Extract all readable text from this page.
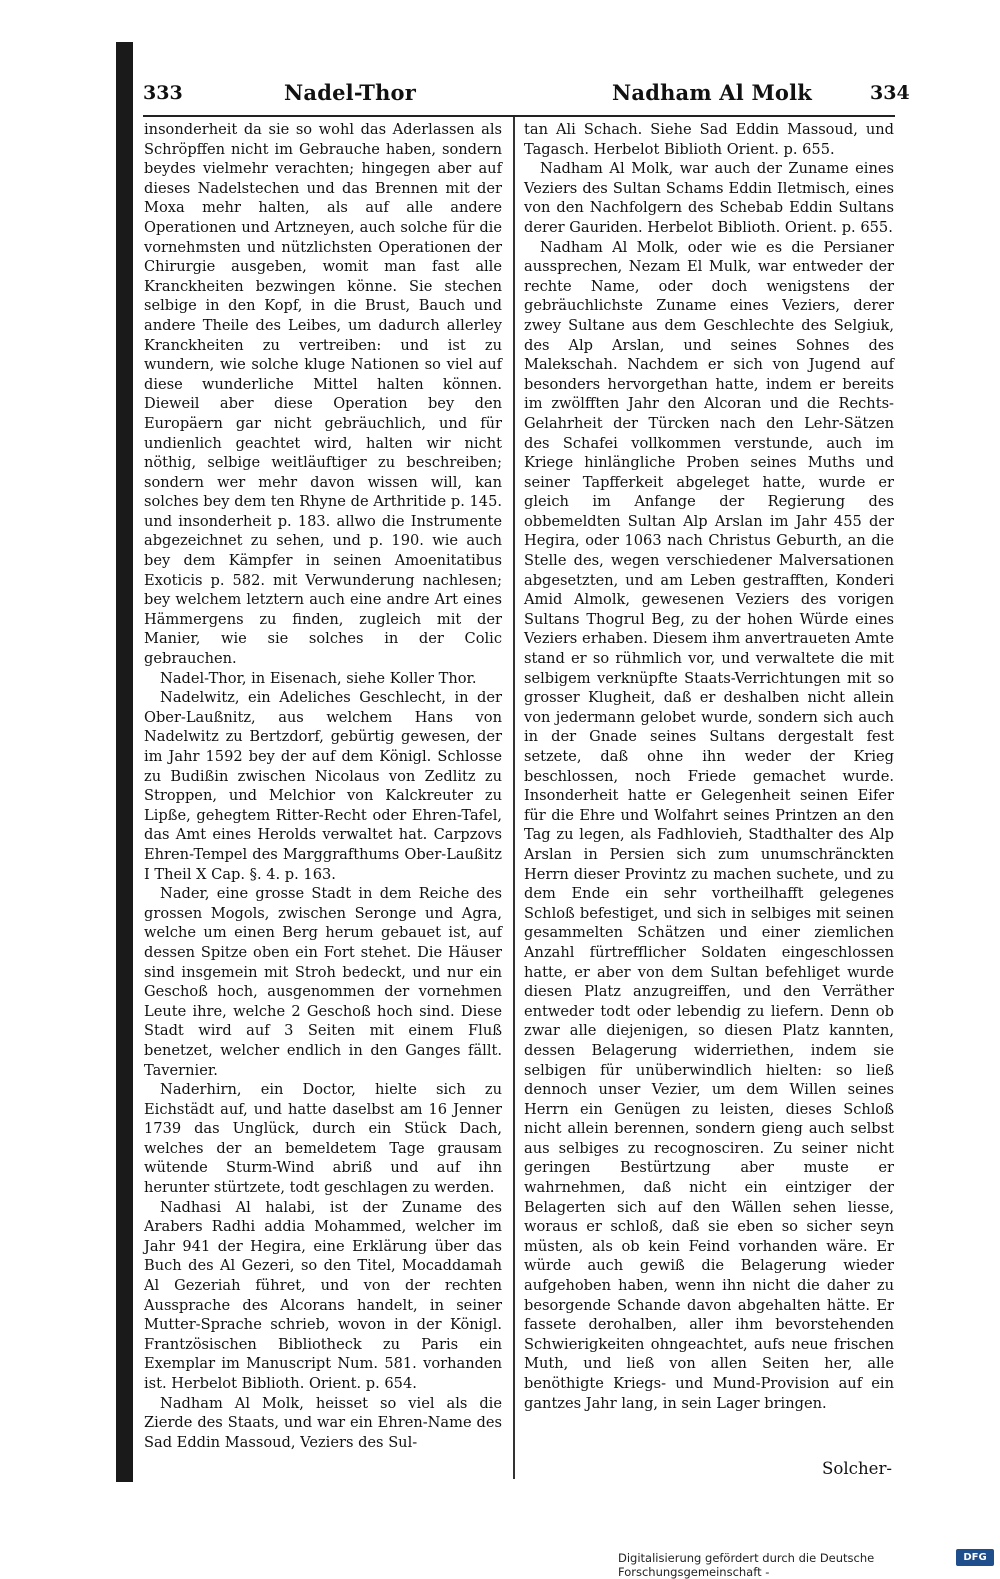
333	Nadel-Thor	Nadham Al Molk	334

insonderheit da sie so wohl das Aderlassen als Schröpffen nicht im Gebrauche haben, sondern beydes vielmehr verachten; hingegen aber auf dieses Nadelstechen und das Brennen mit der Moxa mehr halten, als auf alle andere Operationen und Artzneyen, auch solche für die vornehmsten und nützlichsten Operationen der Chirurgie ausgeben, womit man fast alle Kranckheiten bezwingen könne. Sie stechen selbige in den Kopf, in die Brust, Bauch und andere Theile des Leibes, um dadurch allerley Kranckheiten zu vertreiben: und ist zu wundern, wie solche kluge Nationen so viel auf diese wunderliche Mittel halten können. Dieweil aber diese Operation bey den Europäern gar nicht gebräuchlich, und für undienlich geachtet wird, halten wir nicht nöthig, selbige weitläuftiger zu beschreiben; sondern wer mehr davon wissen will, kan solches bey dem ten Rhyne de Arthritide p. 145. und insonderheit p. 183. allwo die Instrumente abgezeichnet zu sehen, und p. 190. wie auch bey dem Kämpfer in seinen Amoenitatibus Exoticis p. 582. mit Verwunderung nachlesen; bey welchem letztern auch eine andre Art eines Hämmergens zu finden, zugleich mit der Manier, wie sie solches in der Colic gebrauchen.

Nadel-Thor, in Eisenach, siehe Koller Thor.

Nadelwitz, ein Adeliches Geschlecht, in der Ober-Laußnitz, aus welchem Hans von Nadelwitz zu Bertzdorf, gebürtig gewesen, der im Jahr 1592 bey der auf dem Königl. Schlosse zu Budißin zwischen Nicolaus von Zedlitz zu Stroppen, und Melchior von Kalckreuter zu Lipße, gehegtem Ritter-Recht oder Ehren-Tafel, das Amt eines Herolds verwaltet hat. Carpzovs Ehren-Tempel des Marggrafthums Ober-Laußitz I Theil X Cap. §. 4. p. 163.

Nader, eine grosse Stadt in dem Reiche des grossen Mogols, zwischen Seronge und Agra, welche um einen Berg herum gebauet ist, auf dessen Spitze oben ein Fort stehet. Die Häuser sind insgemein mit Stroh bedeckt, und nur ein Geschoß hoch, ausgenommen der vornehmen Leute ihre, welche 2 Geschoß hoch sind. Diese Stadt wird auf 3 Seiten mit einem Fluß benetzet, welcher endlich in den Ganges fällt. Tavernier.

Naderhirn, ein Doctor, hielte sich zu Eichstädt auf, und hatte daselbst am 16 Jenner 1739 das Unglück, durch ein Stück Dach, welches der an bemeldetem Tage grausam wütende Sturm-Wind abriß und auf ihn herunter stürtzete, todt geschlagen zu werden.

Nadhasi Al halabi, ist der Zuname des Arabers Radhi addia Mohammed, welcher im Jahr 941 der Hegira, eine Erklärung über das Buch des Al Gezeri, so den Titel, Mocaddamah Al Gezeriah führet, und von der rechten Aussprache des Alcorans handelt, in seiner Mutter-Sprache schrieb, wovon in der Königl. Frantzösischen Bibliotheck zu Paris ein Exemplar im Manuscript Num. 581. vorhanden ist. Herbelot Biblioth. Orient. p. 654.

Nadham Al Molk, heisset so viel als die Zierde des Staats, und war ein Ehren-Name des Sad Eddin Massoud, Veziers des Sul-

tan Ali Schach. Siehe Sad Eddin Massoud, und Tagasch. Herbelot Biblioth Orient. p. 655.

Nadham Al Molk, war auch der Zuname eines Veziers des Sultan Schams Eddin Iletmisch, eines von den Nachfolgern des Schebab Eddin Sultans derer Gauriden. Herbelot Biblioth. Orient. p. 655.

Nadham Al Molk, oder wie es die Persianer aussprechen, Nezam El Mulk, war entweder der rechte Name, oder doch wenigstens der gebräuchlichste Zuname eines Veziers, derer zwey Sultane aus dem Geschlechte des Selgiuk, des Alp Arslan, und seines Sohnes des Malekschah. Nachdem er sich von Jugend auf besonders hervorgethan hatte, indem er bereits im zwölfften Jahr den Alcoran und die Rechts-Gelahrheit der Türcken nach den Lehr-Sätzen des Schafei vollkommen verstunde, auch im Kriege hinlängliche Proben seines Muths und seiner Tapfferkeit abgeleget hatte, wurde er gleich im Anfange der Regierung des obbemeldten Sultan Alp Arslan im Jahr 455 der Hegira, oder 1063 nach Christus Geburth, an die Stelle des, wegen verschiedener Malversationen abgesetzten, und am Leben gestrafften, Konderi Amid Almolk, gewesenen Veziers des vorigen Sultans Thogrul Beg, zu der hohen Würde eines Veziers erhaben. Diesem ihm anvertraueten Amte stand er so rühmlich vor, und verwaltete die mit selbigem verknüpfte Staats-Verrichtungen mit so grosser Klugheit, daß er deshalben nicht allein von jedermann gelobet wurde, sondern sich auch in der Gnade seines Sultans dergestalt fest setzete, daß ohne ihn weder der Krieg beschlossen, noch Friede gemachet wurde. Insonderheit hatte er Gelegenheit seinen Eifer für die Ehre und Wolfahrt seines Printzen an den Tag zu legen, als Fadhlovieh, Stadthalter des Alp Arslan in Persien sich zum unumschränckten Herrn dieser Provintz zu machen suchete, und zu dem Ende ein sehr vortheilhafft gelegenes Schloß befestiget, und sich in selbiges mit seinen gesammelten Schätzen und einer ziemlichen Anzahl fürtrefflicher Soldaten eingeschlossen hatte, er aber von dem Sultan befehliget wurde diesen Platz anzugreiffen, und den Verräther entweder todt oder lebendig zu liefern. Denn ob zwar alle diejenigen, so diesen Platz kannten, dessen Belagerung widerriethen, indem sie selbigen für unüberwindlich hielten: so ließ dennoch unser Vezier, um dem Willen seines Herrn ein Genügen zu leisten, dieses Schloß nicht allein berennen, sondern gieng auch selbst aus selbiges zu recognosciren. Zu seiner nicht geringen Bestürtzung aber muste er wahrnehmen, daß nicht ein eintziger der Belagerten sich auf den Wällen sehen liesse, woraus er schloß, daß sie eben so sicher seyn müsten, als ob kein Feind vorhanden wäre. Er würde auch gewiß die Belagerung wieder aufgehoben haben, wenn ihn nicht die daher zu besorgende Schande davon abgehalten hätte. Er fassete derohalben, aller ihm bevorstehenden Schwierigkeiten ohngeachtet, aufs neue frischen Muth, und ließ von allen Seiten her, alle benöthigte Kriegs- und Mund-Provision auf ein gantzes Jahr lang, in sein Lager bringen.

Solcher-
Digitalisierung gefördert durch die Deutsche Forschungsgemeinschaft -
DFG
